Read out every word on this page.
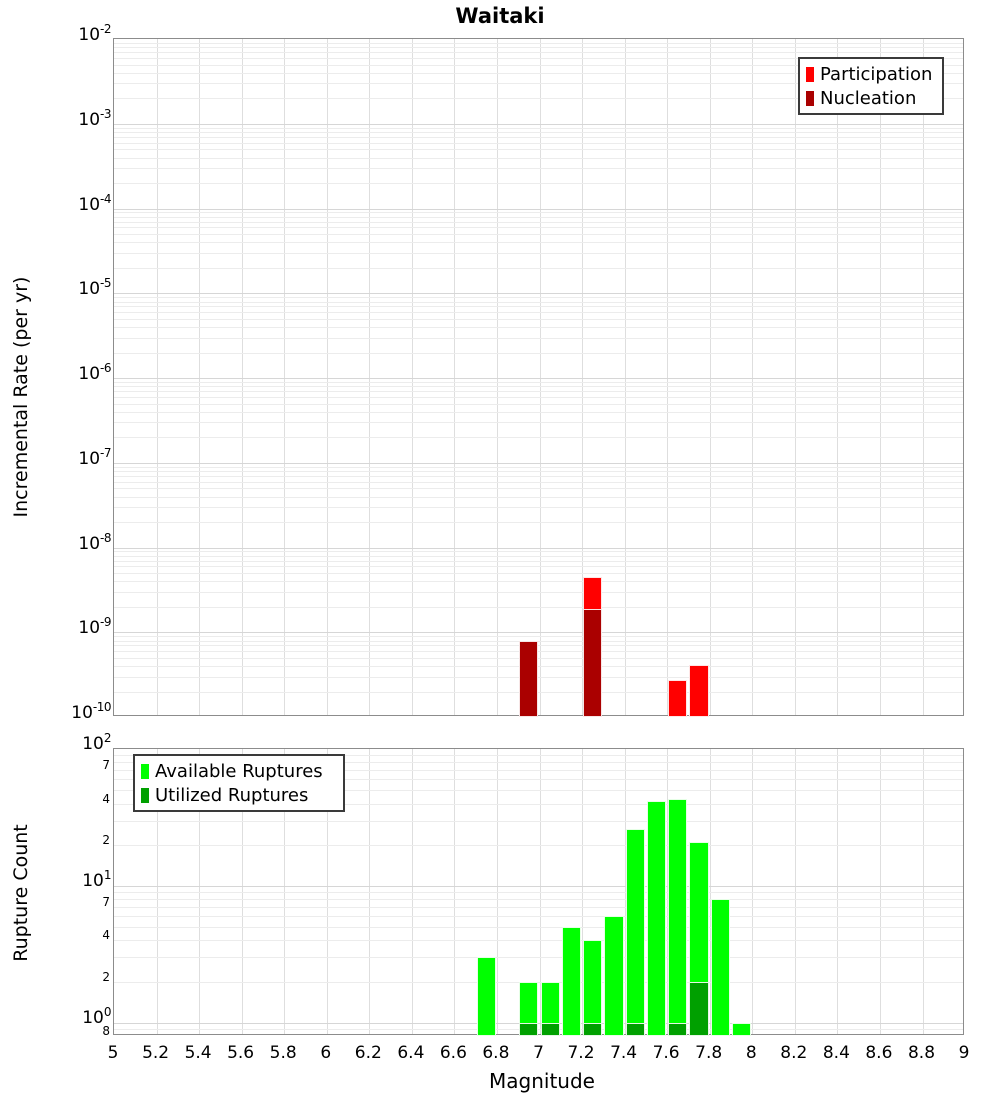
Waitaki
Incremental Rate (per yr)
Rupture Count
Magnitude
$10^{-2}$
$10^{-3}$
$10^{-4}$
$10^{-5}$
$10^{-6}$
$10^{-7}$
$10^{-8}$
$10^{-9}$
$10^{-10}$
$10^2$
$10^1$
$10^0$
7
4
2
7
4
2
8
5 5.2 5.4 5.6 5.8 6 6.2 6.4 6.6 6.8 7 7.2 7.4 7.6 7.8 8 8.2 8.4 8.6 8.8 9
Participation
Nucleation
Available Ruptures
Utilized Ruptures
